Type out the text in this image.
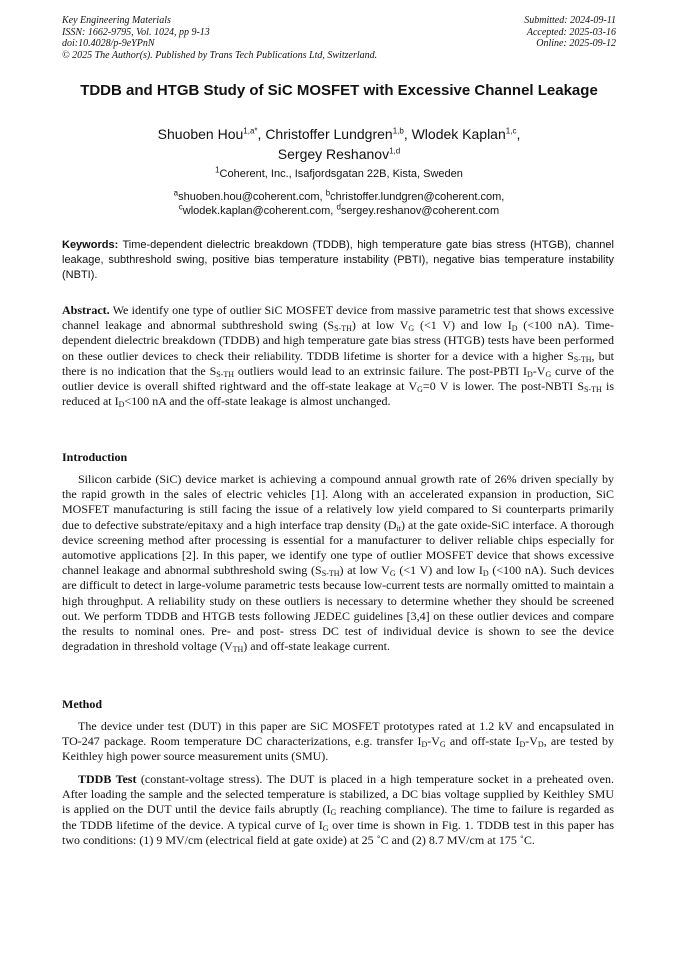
Key Engineering Materials
ISSN: 1662-9795, Vol. 1024, pp 9-13
doi:10.4028/p-9eYPnN
© 2025 The Author(s). Published by Trans Tech Publications Ltd, Switzerland.
Submitted: 2024-09-11
Accepted: 2025-03-16
Online: 2025-09-12
TDDB and HTGB Study of SiC MOSFET with Excessive Channel Leakage
Shuoben Hou$^{1,a*}$, Christoffer Lundgren$^{1,b}$, Wlodek Kaplan$^{1,c}$,
Sergey Reshanov$^{1,d}$
$^1$Coherent, Inc., Isafjordsgatan 22B, Kista, Sweden
$^a$shuoben.hou@coherent.com, $^b$christoffer.lundgren@coherent.com,
$^c$wlodek.kaplan@coherent.com, $^d$sergey.reshanov@coherent.com
Keywords: Time-dependent dielectric breakdown (TDDB), high temperature gate bias stress (HTGB), channel leakage, subthreshold swing, positive bias temperature instability (PBTI), negative bias temperature instability (NBTI).
Abstract. We identify one type of outlier SiC MOSFET device from massive parametric test that shows excessive channel leakage and abnormal subthreshold swing $(S_{S-TH})$ at low $V_G$ (<1 V) and low $I_D$ (<100 nA). Time-dependent dielectric breakdown (TDDB) and high temperature gate bias stress (HTGB) tests have been performed on these outlier devices to check their reliability. TDDB lifetime is shorter for a device with a higher $S_{S-TH}$, but there is no indication that the $S_{S-TH}$ outliers would lead to an extrinsic failure. The post-PBTI $I_D-V_G$ curve of the outlier device is overall shifted rightward and the off-state leakage at $V_G=0$ V is lower. The post-NBTI $S_{S-TH}$ is reduced at $I_D<100$ nA and the off-state leakage is almost unchanged.
Introduction
Silicon carbide (SiC) device market is achieving a compound annual growth rate of 26% driven specially by the rapid growth in the sales of electric vehicles [1]. Along with an accelerated expansion in production, SiC MOSFET manufacturing is still facing the issue of a relatively low yield compared to Si counterparts primarily due to defective substrate/epitaxy and a high interface trap density $(D_{it})$ at the gate oxide-SiC interface. A thorough device screening method after processing is essential for a manufacturer to deliver reliable chips especially for automotive applications [2]. In this paper, we identify one type of outlier MOSFET device that shows excessive channel leakage and abnormal subthreshold swing $(S_{S-TH})$ at low $V_G$ (<1 V) and low $I_D$ (<100 nA). Such devices are difficult to detect in large-volume parametric tests because low-current tests are normally omitted to maintain a high throughput. A reliability study on these outliers is necessary to determine whether they should be screened out. We perform TDDB and HTGB tests following JEDEC guidelines [3,4] on these outlier devices and compare the results to nominal ones. Pre- and post- stress DC test of individual device is shown to see the device degradation in threshold voltage $(V_{TH})$ and off-state leakage current.
Method
The device under test (DUT) in this paper are SiC MOSFET prototypes rated at 1.2 kV and encapsulated in TO-247 package. Room temperature DC characterizations, e.g. transfer $I_D-V_G$ and off-state $I_D-V_D$, are tested by Keithley high power source measurement units (SMU).
TDDB Test (constant-voltage stress). The DUT is placed in a high temperature socket in a preheated oven. After loading the sample and the selected temperature is stabilized, a DC bias voltage supplied by Keithley SMU is applied on the DUT until the device fails abruptly ($I_G$ reaching compliance). The time to failure is regarded as the TDDB lifetime of the device. A typical curve of $I_G$ over time is shown in Fig. 1. TDDB test in this paper has two conditions: (1) 9 MV/cm (electrical field at gate oxide) at 25 ˚C and (2) 8.7 MV/cm at 175 ˚C.
